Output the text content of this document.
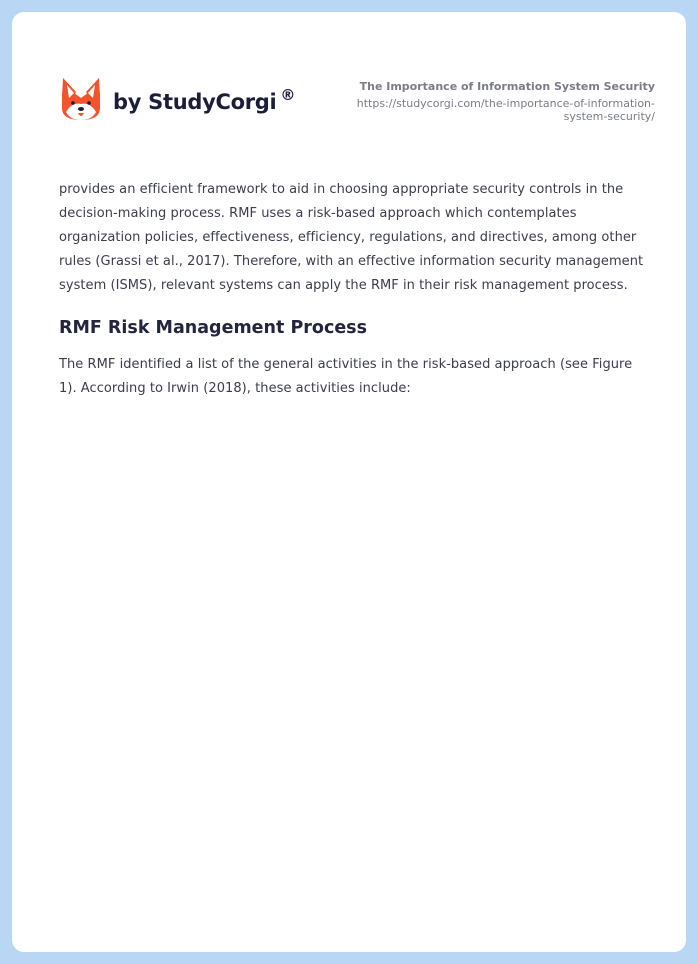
by StudyCorgi ®	The Importance of Information System Security
https://studycorgi.com/the-importance-of-information-system-security/

provides an efficient framework to aid in choosing appropriate security controls in the decision-making process. RMF uses a risk-based approach which contemplates organization policies, effectiveness, efficiency, regulations, and directives, among other rules (Grassi et al., 2017). Therefore, with an effective information security management system (ISMS), relevant systems can apply the RMF in their risk management process.

RMF Risk Management Process

The RMF identified a list of the general activities in the risk-based approach (see Figure 1). According to Irwin (2018), these activities include:
